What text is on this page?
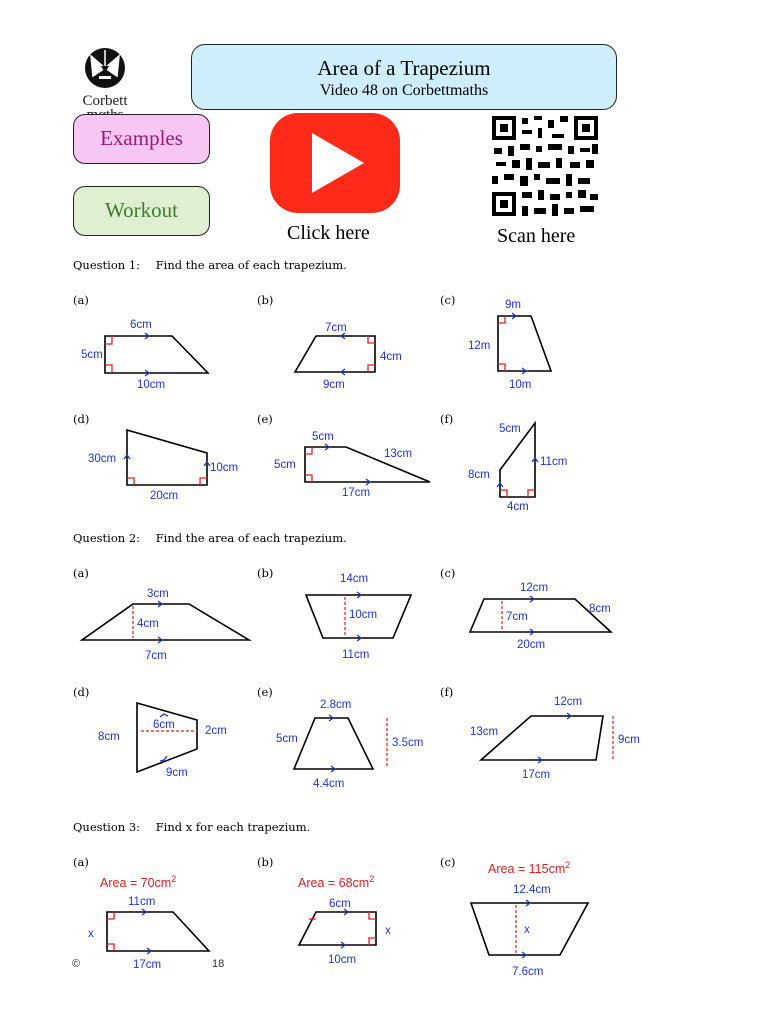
Corbett
Area of a Trapezium
Video 48 on Corbettmaths
Examples
Workout
Click here	Scan here
Question 1: Find the area of each trapezium.
(a)	(b)	(c)
(d)	(e)	(f)
6cm
5cm
10cm
7cm
4cm
9cm
9m
12m
10m
30cm
10cm
20cm
5cm
5cm
13cm
17cm
5cm
8cm
11cm
4cm
3cm
4cm
7cm
14cm
10cm
11cm
12cm
7cm
8cm
20cm
8cm
6cm	2cm
9cm
2.8cm
5cm	3.5cm
4.4cm
12cm
13cm
9cm
17cm
Area = $70cm^2$
11cm
x
17cm
Area = $68cm^2$
6cm
x
10cm
Area = $115cm^2$
12.4cm
x
7.6cm
Question 2: Find the area of each trapezium.
(a)	(b)	(c)
(d)	(e)	(f)
Question 3: Find x for each trapezium.
(a)	(b)	(c)
©	18
